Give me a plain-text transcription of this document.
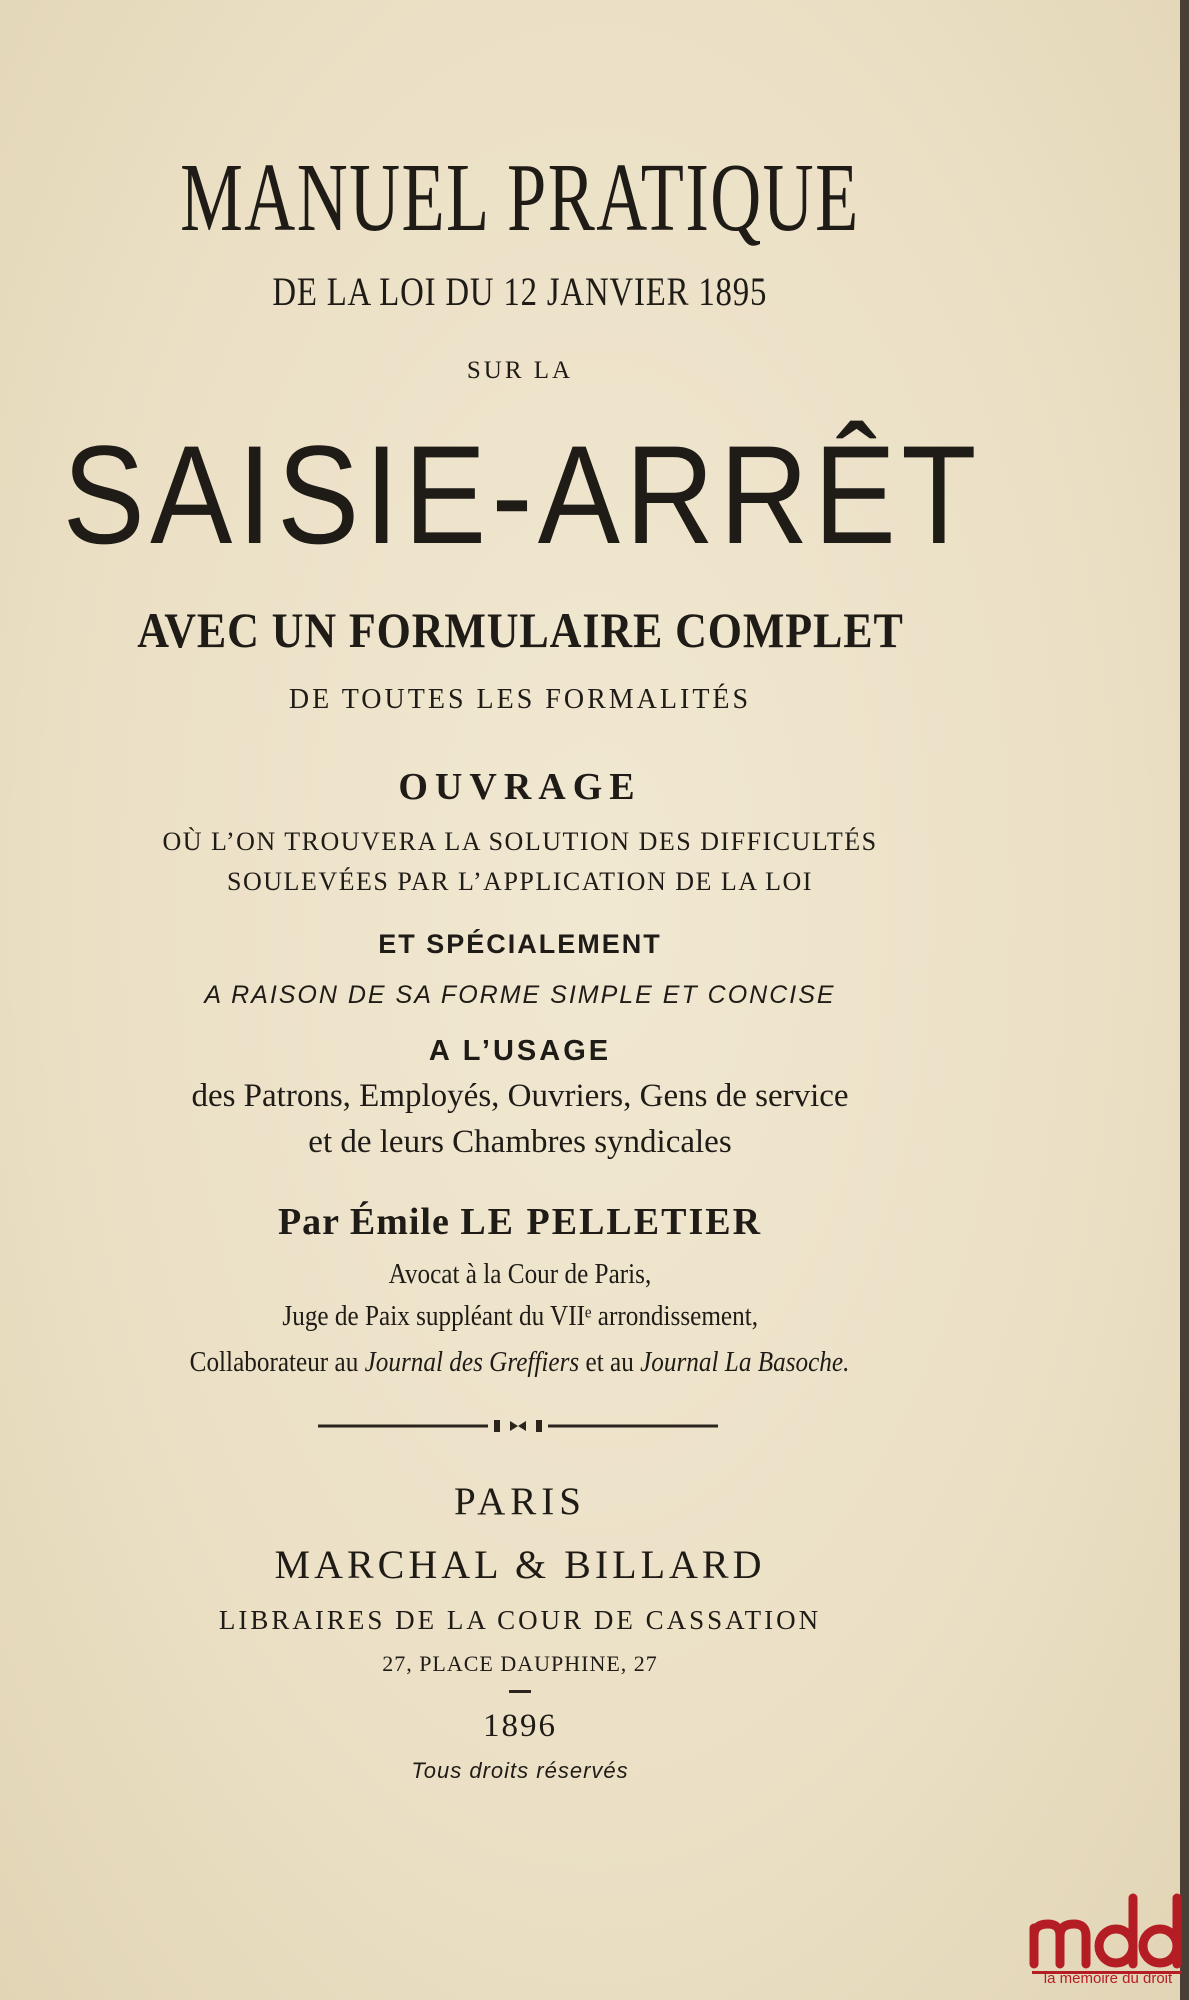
MANUEL PRATIQUE
DE LA LOI DU 12 JANVIER 1895
SUR LA
SAISIE-ARRÊT
AVEC UN FORMULAIRE COMPLET
DE TOUTES LES FORMALITÉS
OUVRAGE
OÙ L’ON TROUVERA LA SOLUTION DES DIFFICULTÉS
SOULEVÉES PAR L’APPLICATION DE LA LOI
ET SPÉCIALEMENT
A RAISON DE SA FORME SIMPLE ET CONCISE
A L’USAGE
des Patrons, Employés, Ouvriers, Gens de service
et de leurs Chambres syndicales
Par Émile LE PELLETIER
Avocat à la Cour de Paris,
Juge de Paix suppléant du VIIᵉ arrondissement,
Collaborateur au Journal des Greffiers et au Journal La Basoche.
PARIS
MARCHAL & BILLARD
LIBRAIRES DE LA COUR DE CASSATION
27, PLACE DAUPHINE, 27
1896
Tous droits réservés
la mémoire du droit
